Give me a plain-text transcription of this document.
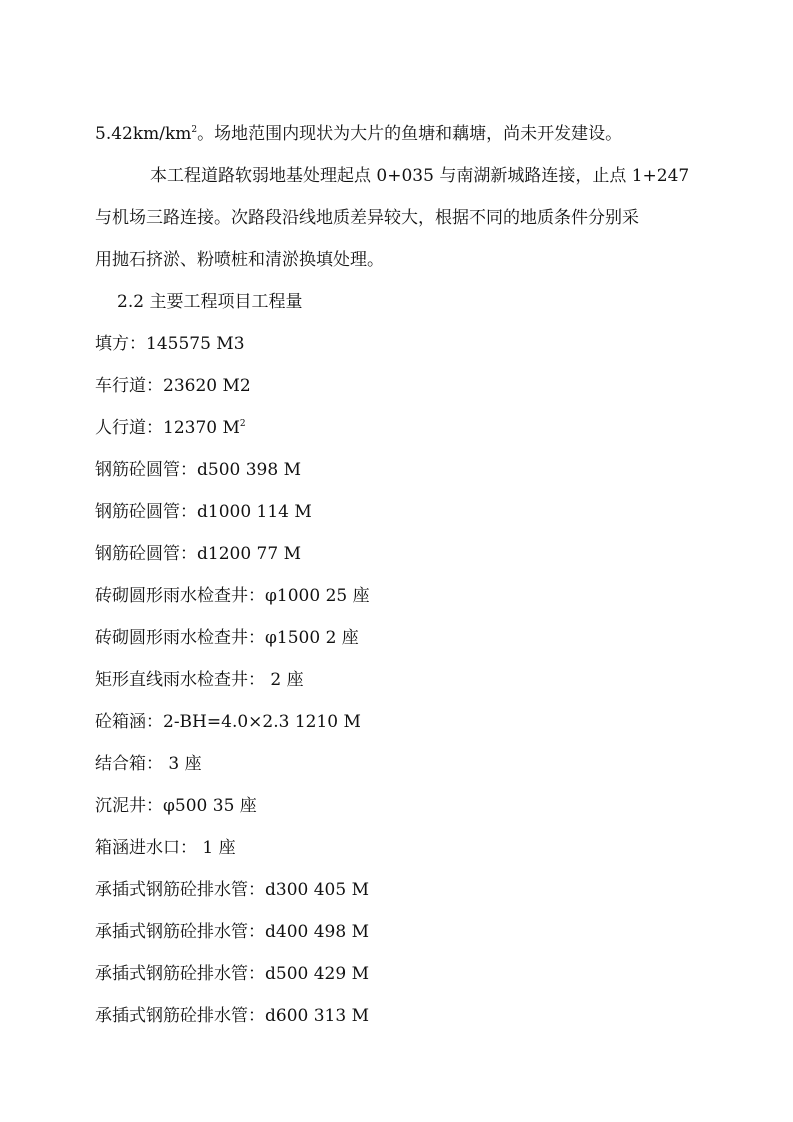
$5.42km/km^2$。场地范围内现状为大片的鱼塘和藕塘，尚未开发建设。
本工程道路软弱地基处理起点 0+035 与南湖新城路连接，止点 1+247
与机场三路连接。次路段沿线地质差异较大，根据不同的地质条件分别采
用抛石挤淤、粉喷桩和清淤换填处理。
2.2 主要工程项目工程量
填方：145575 M3
车行道：23620 M2
人行道：12370 $M^2$
钢筋砼圆管：d500 398 M
钢筋砼圆管：d1000 114 M
钢筋砼圆管：d1200 77 M
砖砌圆形雨水检查井：φ1000 25 座
砖砌圆形雨水检查井：φ1500 2 座
矩形直线雨水检查井： 2 座
砼箱涵：2-BH=4.0×2.3 1210 M
结合箱： 3 座
沉泥井：φ500 35 座
箱涵进水口： 1 座
承插式钢筋砼排水管：d300 405 M
承插式钢筋砼排水管：d400 498 M
承插式钢筋砼排水管：d500 429 M
承插式钢筋砼排水管：d600 313 M
